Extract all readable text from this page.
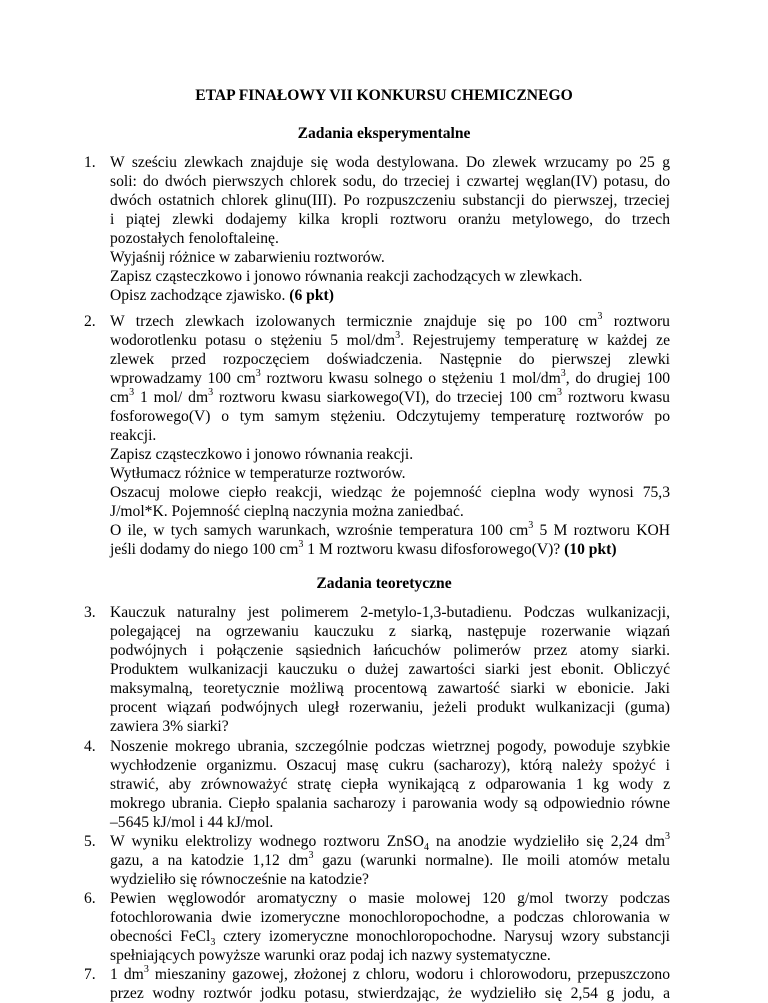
ETAP FINAŁOWY VII KONKURSU CHEMICZNEGO
Zadania eksperymentalne
1. W sześciu zlewkach znajduje się woda destylowana. Do zlewek wrzucamy po 25 g
soli: do dwóch pierwszych chlorek sodu, do trzeciej i czwartej węglan(IV) potasu, do
dwóch ostatnich chlorek glinu(III). Po rozpuszczeniu substancji do pierwszej, trzeciej
i piątej zlewki dodajemy kilka kropli roztworu oranżu metylowego, do trzech
pozostałych fenoloftaleinę.
Wyjaśnij różnice w zabarwieniu roztworów.
Zapisz cząsteczkowo i jonowo równania reakcji zachodzących w zlewkach.
Opisz zachodzące zjawisko. (6 pkt)
2. W trzech zlewkach izolowanych termicznie znajduje się po 100 $cm^3$ roztworu
wodorotlenku potasu o stężeniu 5 mol/$dm^3$. Rejestrujemy temperaturę w każdej ze
zlewek przed rozpoczęciem doświadczenia. Następnie do pierwszej zlewki
wprowadzamy 100 $cm^3$ roztworu kwasu solnego o stężeniu 1 mol/$dm^3$, do drugiej 100
$cm^3$ 1 mol/ $dm^3$ roztworu kwasu siarkowego(VI), do trzeciej 100 $cm^3$ roztworu kwasu
fosforowego(V) o tym samym stężeniu. Odczytujemy temperaturę roztworów po
reakcji.
Zapisz cząsteczkowo i jonowo równania reakcji.
Wytłumacz różnice w temperaturze roztworów.
Oszacuj molowe ciepło reakcji, wiedząc że pojemność cieplna wody wynosi 75,3
J/mol*K. Pojemność cieplną naczynia można zaniedbać.
O ile, w tych samych warunkach, wzrośnie temperatura 100 $cm^3$ 5 M roztworu KOH
jeśli dodamy do niego 100 $cm^3$ 1 M roztworu kwasu difosforowego(V)? (10 pkt)
Zadania teoretyczne
3. Kauczuk naturalny jest polimerem 2-metylo-1,3-butadienu. Podczas wulkanizacji,
polegającej na ogrzewaniu kauczuku z siarką, następuje rozerwanie wiązań
podwójnych i połączenie sąsiednich łańcuchów polimerów przez atomy siarki.
Produktem wulkanizacji kauczuku o dużej zawartości siarki jest ebonit. Obliczyć
maksymalną, teoretycznie możliwą procentową zawartość siarki w ebonicie. Jaki
procent wiązań podwójnych uległ rozerwaniu, jeżeli produkt wulkanizacji (guma)
zawiera 3% siarki?
4. Noszenie mokrego ubrania, szczególnie podczas wietrznej pogody, powoduje szybkie
wychłodzenie organizmu. Oszacuj masę cukru (sacharozy), którą należy spożyć i
strawić, aby zrównoważyć stratę ciepła wynikającą z odparowania 1 kg wody z
mokrego ubrania. Ciepło spalania sacharozy i parowania wody są odpowiednio równe
–5645 kJ/mol i 44 kJ/mol.
5. W wyniku elektrolizy wodnego roztworu ZnSO$_4$ na anodzie wydzieliło się 2,24 $dm^3$
gazu, a na katodzie 1,12 $dm^3$ gazu (warunki normalne). Ile moili atomów metalu
wydzieliło się równocześnie na katodzie?
6. Pewien węglowodór aromatyczny o masie molowej 120 g/mol tworzy podczas
fotochlorowania dwie izomeryczne monochloropochodne, a podczas chlorowania w
obecności FeCl$_3$ cztery izomeryczne monochloropochodne. Narysuj wzory substancji
spełniających powyższe warunki oraz podaj ich nazwy systematyczne.
7. 1 $dm^3$ mieszaniny gazowej, złożonej z chloru, wodoru i chlorowodoru, przepuszczono
przez wodny roztwór jodku potasu, stwierdzając, że wydzieliło się 2,54 g jodu, a
